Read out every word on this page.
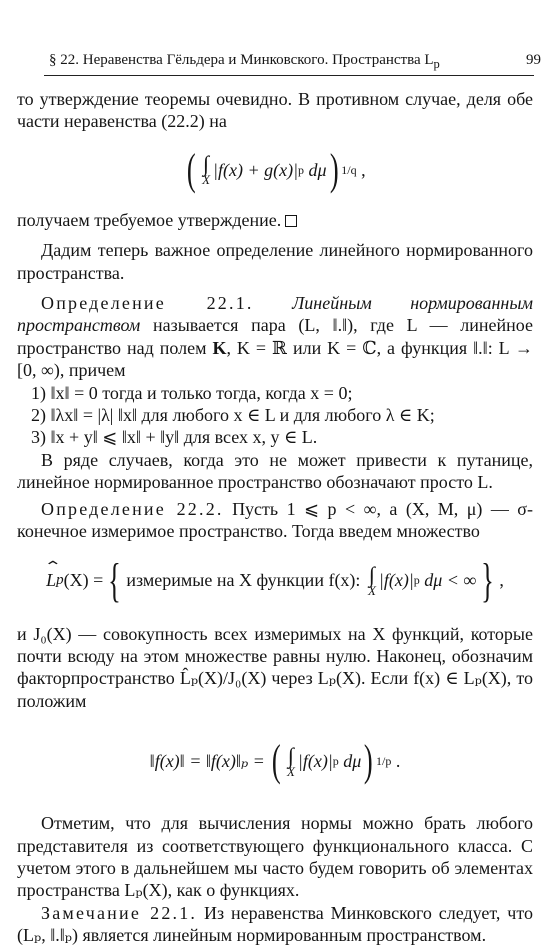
§ 22. Неравенства Гёльдера и Минковского. Пространства $L_p$	99

то утверждение теоремы очевидно. В противном случае, деля обе части неравенства (22.2) на

( ∫
X
|f(x) + g(x)| p
dμ ) 1/q
,

получаем требуемое утверждение.

Дадим теперь важное определение линейного нормированного пространства.

Определение 22.1. Линейным нормированным пространством называется пара (L, ‖.‖), где L — линейное пространство над полем K, K = ℝ или K = ℂ, а функция ‖.‖: L → [0, ∞), причем

1) ‖x‖ = 0 тогда и только тогда, когда x = 0;

2) ‖λx‖ = |λ| ‖x‖ для любого x ∈ L и для любого λ ∈ K;

3) ‖x + y‖ ⩽ ‖x‖ + ‖y‖ для всех x, y ∈ L.

В ряде случаев, когда это не может привести к путанице, линейное нормированное пространство обозначают просто L.

Определение 22.2. Пусть 1 ⩽ p < ∞, а (X, M, μ) — σ-конечное измеримое пространство. Тогда введем множество

⌃ L p (X) = { измеримые на X функции f(x):
∫
X
|f(x)| p
dμ < ∞ } ,

и J₀(X) — совокупность всех измеримых на X функций, которые почти всюду на этом множестве равны нулю. Наконец, обозначим факторпространство L̂ₚ(X)/J₀(X) через Lₚ(X). Если f(x) ∈ Lₚ(X), то положим

‖f(x)‖ = ‖f(x)‖ₚ =
( ∫
X
|f(x)| p
dμ ) 1/p
.

Отметим, что для вычисления нормы можно брать любого представителя из соответствующего функционального класса. С учетом этого в дальнейшем мы часто будем говорить об элементах пространства Lₚ(X), как о функциях.

Замечание 22.1. Из неравенства Минковского следует, что (Lₚ, ‖.‖ₚ) является линейным нормированным пространством.
